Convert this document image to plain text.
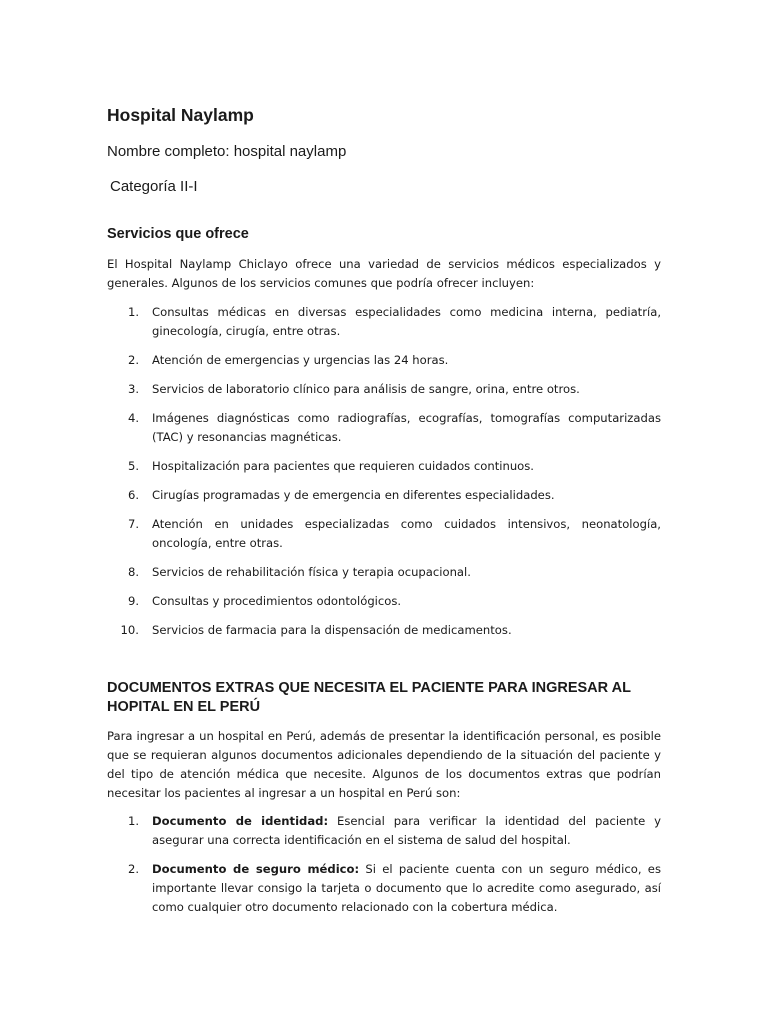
Hospital Naylamp

Nombre completo: hospital naylamp

Categoría II-I

Servicios que ofrece

El Hospital Naylamp Chiclayo ofrece una variedad de servicios médicos especializados y generales. Algunos de los servicios comunes que podría ofrecer incluyen:

1. Consultas médicas en diversas especialidades como medicina interna, pediatría, ginecología, cirugía, entre otras.
2. Atención de emergencias y urgencias las 24 horas.
3. Servicios de laboratorio clínico para análisis de sangre, orina, entre otros.
4. Imágenes diagnósticas como radiografías, ecografías, tomografías computarizadas (TAC) y resonancias magnéticas.
5. Hospitalización para pacientes que requieren cuidados continuos.
6. Cirugías programadas y de emergencia en diferentes especialidades.
7. Atención en unidades especializadas como cuidados intensivos, neonatología, oncología, entre otras.
8. Servicios de rehabilitación física y terapia ocupacional.
9. Consultas y procedimientos odontológicos.
10. Servicios de farmacia para la dispensación de medicamentos.
DOCUMENTOS EXTRAS QUE NECESITA EL PACIENTE PARA INGRESAR AL HOPITAL EN EL PERÚ

Para ingresar a un hospital en Perú, además de presentar la identificación personal, es posible que se requieran algunos documentos adicionales dependiendo de la situación del paciente y del tipo de atención médica que necesite. Algunos de los documentos extras que podrían necesitar los pacientes al ingresar a un hospital en Perú son:

1. Documento de identidad: Esencial para verificar la identidad del paciente y asegurar una correcta identificación en el sistema de salud del hospital.
2. Documento de seguro médico: Si el paciente cuenta con un seguro médico, es importante llevar consigo la tarjeta o documento que lo acredite como asegurado, así como cualquier otro documento relacionado con la cobertura médica.
